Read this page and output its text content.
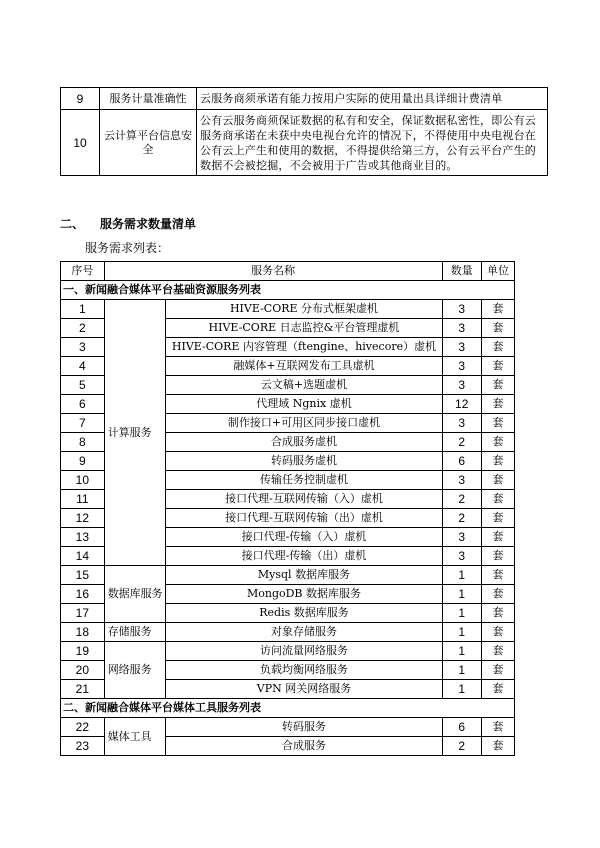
9	服务计量准确性	云服务商须承诺有能力按用户实际的使用量出具详细计费清单
10	云计算平台信息安全	公有云服务商须保证数据的私有和安全，保证数据私密性，即公有云服务商承诺在未获中央电视台允许的情况下，不得使用中央电视台在公有云上产生和使用的数据，不得提供给第三方，公有云平台产生的数据不会被挖掘，不会被用于广告或其他商业目的。
二、 服务需求数量清单
服务需求列表：
序号	服务名称		数量	单位
一、新闻融合媒体平台基础资源服务列表				
1	计算服务	HIVE-CORE 分布式框架虚机	3	套
2		HIVE-CORE 日志监控&平台管理虚机	3	套
3		HIVE-CORE 内容管理（ftengine、hivecore）虚机	3	套
4		融媒体+互联网发布工具虚机	3	套
5		云文稿+选题虚机	3	套
6		代理域 Ngnix 虚机	12	套
7		制作接口+可用区同步接口虚机	3	套
8		合成服务虚机	2	套
9		转码服务虚机	6	套
10		传输任务控制虚机	3	套
11		接口代理-互联网传输（入）虚机	2	套
12		接口代理-互联网传输（出）虚机	2	套
13		接口代理-传输（入）虚机	3	套
14		接口代理-传输（出）虚机	3	套
15	数据库服务	Mysql 数据库服务	1	套
16		MongoDB 数据库服务	1	套
17		Redis 数据库服务	1	套
18	存储服务	对象存储服务	1	套
19	网络服务	访问流量网络服务	1	套
20		负载均衡网络服务	1	套
21		VPN 网关网络服务	1	套
二、新闻融合媒体平台媒体工具服务列表				
22	媒体工具	转码服务	6	套
23		合成服务	2	套
